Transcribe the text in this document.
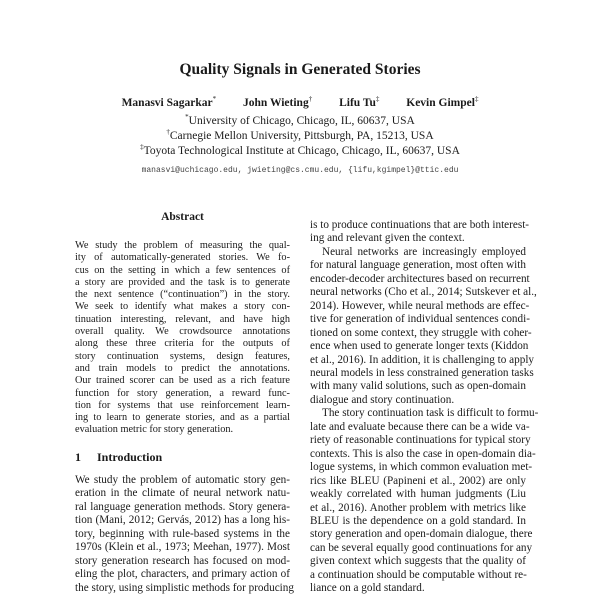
Quality Signals in Generated Stories
Manasvi Sagarkar* John Wieting† Lifu Tu‡ Kevin Gimpel‡
*University of Chicago, Chicago, IL, 60637, USA
†Carnegie Mellon University, Pittsburgh, PA, 15213, USA
‡Toyota Technological Institute at Chicago, Chicago, IL, 60637, USA
manasvi@uchicago.edu, jwieting@cs.cmu.edu, {lifu,kgimpel}@ttic.edu
Abstract
We study the problem of measuring the qual-
ity of automatically-generated stories. We fo-
cus on the setting in which a few sentences of
a story are provided and the task is to generate
the next sentence (“continuation”) in the story.
We seek to identify what makes a story con-
tinuation interesting, relevant, and have high
overall quality. We crowdsource annotations
along these three criteria for the outputs of
story continuation systems, design features,
and train models to predict the annotations.
Our trained scorer can be used as a rich feature
function for story generation, a reward func-
tion for systems that use reinforcement learn-
ing to learn to generate stories, and as a partial
evaluation metric for story generation.
1 Introduction
We study the problem of automatic story gen-
eration in the climate of neural network natu-
ral language generation methods. Story genera-
tion (Mani, 2012; Gervás, 2012) has a long his-
tory, beginning with rule-based systems in the
1970s (Klein et al., 1973; Meehan, 1977). Most
story generation research has focused on mod-
eling the plot, characters, and primary action of
the story, using simplistic methods for producing
is to produce continuations that are both interest-
ing and relevant given the context.
Neural networks are increasingly employed
for natural language generation, most often with
encoder-decoder architectures based on recurrent
neural networks (Cho et al., 2014; Sutskever et al.,
2014). However, while neural methods are effec-
tive for generation of individual sentences condi-
tioned on some context, they struggle with coher-
ence when used to generate longer texts (Kiddon
et al., 2016). In addition, it is challenging to apply
neural models in less constrained generation tasks
with many valid solutions, such as open-domain
dialogue and story continuation.
The story continuation task is difficult to formu-
late and evaluate because there can be a wide va-
riety of reasonable continuations for typical story
contexts. This is also the case in open-domain dia-
logue systems, in which common evaluation met-
rics like BLEU (Papineni et al., 2002) are only
weakly correlated with human judgments (Liu
et al., 2016). Another problem with metrics like
BLEU is the dependence on a gold standard. In
story generation and open-domain dialogue, there
can be several equally good continuations for any
given context which suggests that the quality of
a continuation should be computable without re-
liance on a gold standard.
